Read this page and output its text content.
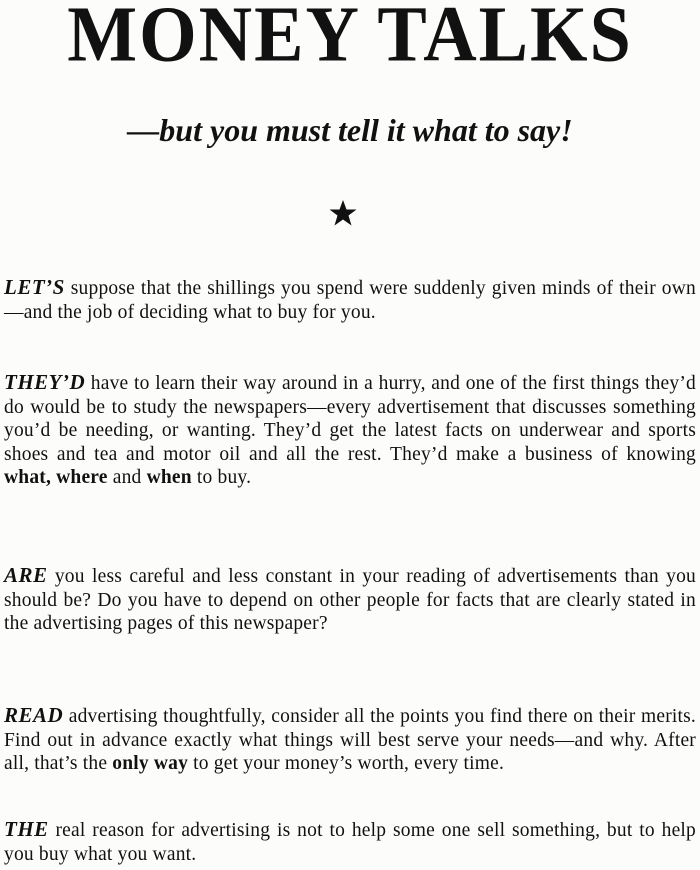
MONEY TALKS
—but you must tell it what to say!

LET’S suppose that the shillings you spend were suddenly given minds of their own—and the job of deciding what to buy for you.

THEY’D have to learn their way around in a hurry, and one of the first things they’d do would be to study the newspapers—every advertisement that discusses something you’d be needing, or wanting. They’d get the latest facts on underwear and sports shoes and tea and motor oil and all the rest. They’d make a business of knowing what, where and when to buy.

ARE you less careful and less constant in your reading of advertisements than you should be? Do you have to depend on other people for facts that are clearly stated in the advertising pages of this newspaper?

READ advertising thoughtfully, consider all the points you find there on their merits. Find out in advance exactly what things will best serve your needs—and why. After all, that’s the only way to get your money’s worth, every time.

THE real reason for advertising is not to help some one sell something, but to help you buy what you want.
